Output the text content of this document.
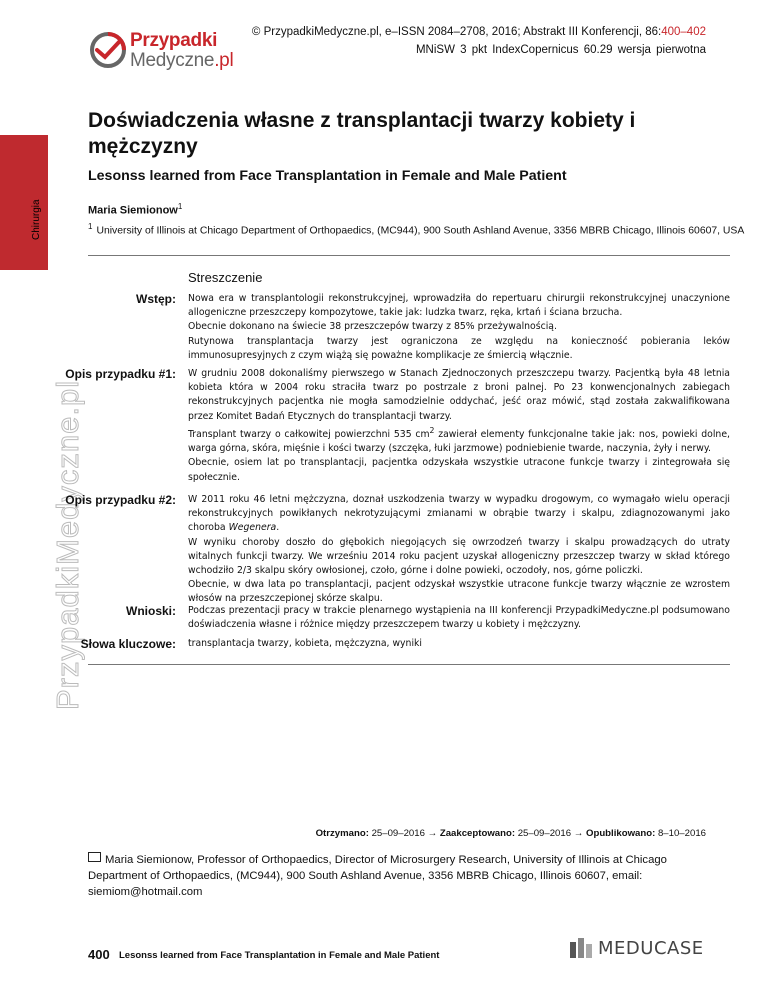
Przypadki
Medyczne.pl
© PrzypadkiMedyczne.pl, e–ISSN 2084–2708, 2016; Abstrakt III Konferencji, 86:400–402
MNiSW 3 pkt IndexCopernicus 60.29 wersja pierwotna
Chirurgia
PrzypadkiMedyczne.pl
Doświadczenia własne z transplantacji twarzy kobiety i mężczyzny
Lesonss learned from Face Transplantation in Female and Male Patient
Maria Siemionow$^1$
$^1$ University of Illinois at Chicago Department of Orthopaedics, (MC944), 900 South Ashland Avenue, 3356 MBRB Chicago, Illinois 60607, USA
Streszczenie
Wstęp: Nowa era w transplantologii rekonstrukcyjnej, wprowadziła do repertuaru chirurgii rekonstrukcyjnej unaczynione allogeniczne przeszczepy kompozytowe, takie jak: ludzka twarz, ręka, krtań i ściana brzucha.

Obecnie dokonano na świecie 38 przeszczepów twarzy z 85% przeżywalnością.

Rutynowa transplantacja twarzy jest ograniczona ze względu na konieczność pobierania leków immunosupresyjnych z czym wiążą się poważne komplikacje ze śmiercią włącznie.

Opis przypadku #1: W grudniu 2008 dokonaliśmy pierwszego w Stanach Zjednoczonych przeszczepu twarzy. Pacjentką była 48 letnia kobieta która w 2004 roku straciła twarz po postrzale z broni palnej. Po 23 konwencjonalnych zabiegach rekonstrukcyjnych pacjentka nie mogła samodzielnie oddychać, jeść oraz mówić, stąd została zakwalifikowana przez Komitet Badań Etycznych do transplantacji twarzy.

Transplant twarzy o całkowitej powierzchni 535 $cm^2$ zawierał elementy funkcjonalne takie jak: nos, powieki dolne, warga górna, skóra, mięśnie i kości twarzy (szczęka, łuki jarzmowe) podniebienie twarde, naczynia, żyły i nerwy.

Obecnie, osiem lat po transplantacji, pacjentka odzyskała wszystkie utracone funkcje twarzy i zintegrowała się społecznie.

Opis przypadku #2: W 2011 roku 46 letni mężczyzna, doznał uszkodzenia twarzy w wypadku drogowym, co wymagało wielu operacji rekonstrukcyjnych powikłanych nekrotyzującymi zmianami w obrąbie twarzy i skalpu, zdiagnozowanymi jako choroba Wegenera.

W wyniku choroby doszło do głębokich niegojących się owrzodzeń twarzy i skalpu prowadzących do utraty witalnych funkcji twarzy. We wrześniu 2014 roku pacjent uzyskał allogeniczny przeszczep twarzy w skład którego wchodziło 2/3 skalpu skóry owłosionej, czoło, górne i dolne powieki, oczodoły, nos, górne policzki.

Obecnie, w dwa lata po transplantacji, pacjent odzyskał wszystkie utracone funkcje twarzy włącznie ze wzrostem włosów na przeszczepionej skórze skalpu.

Wnioski: Podczas prezentacji pracy w trakcie plenarnego wystąpienia na III konferencji PrzypadkiMedyczne.pl podsumowano doświadczenia własne i różnice między przeszczepem twarzy u kobiety i mężczyzny.
Słowa kluczowe: transplantacja twarzy, kobieta, mężczyzna, wyniki
Otrzymano: 25–09–2016 → Zaakceptowano: 25–09–2016 → Opublikowano: 8–10–2016
Maria Siemionow, Professor of Orthopaedics, Director of Microsurgery Research, University of Illinois at Chicago Department of Orthopaedics, (MC944), 900 South Ashland Avenue, 3356 MBRB Chicago, Illinois 60607, email: siemiom@hotmail.com
400 Lesonss learned from Face Transplantation in Female and Male Patient	MEDUCASE
